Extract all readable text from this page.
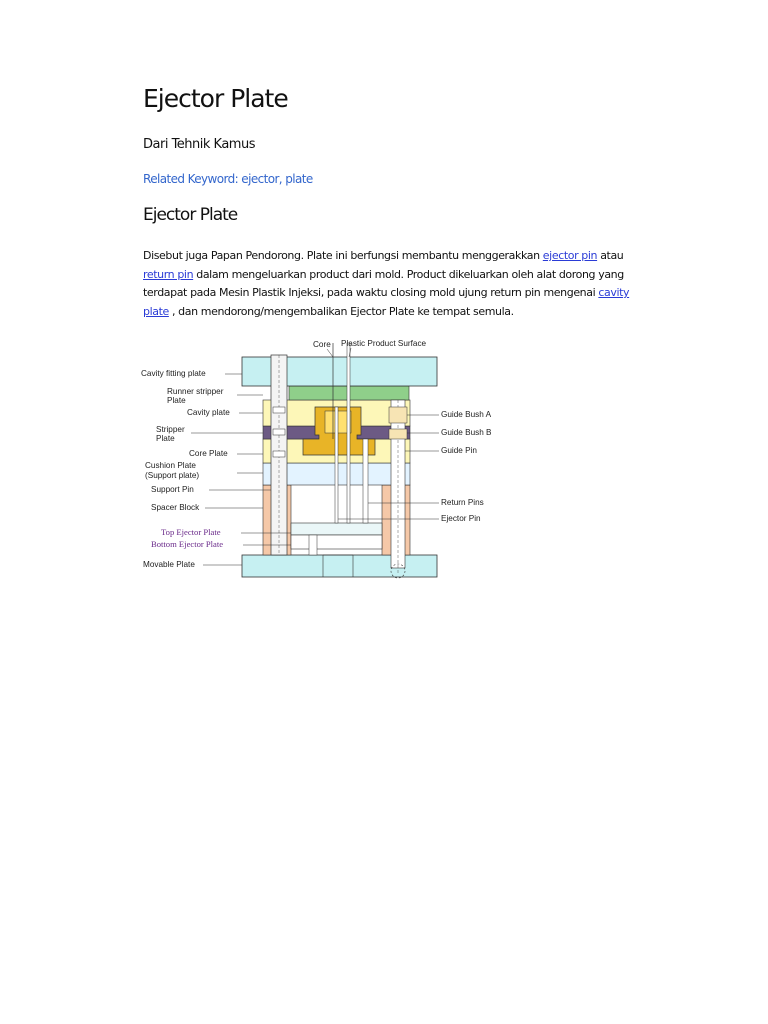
Ejector Plate

Dari Tehnik Kamus

Related Keyword: ejector, plate

Ejector Plate

Disebut juga Papan Pendorong. Plate ini berfungsi membantu menggerakkan ejector pin atau return pin dalam mengeluarkan product dari mold. Product dikeluarkan oleh alat dorong yang terdapat pada Mesin Plastik Injeksi, pada waktu closing mold ujung return pin mengenai cavity plate , dan mendorong/mengembalikan Ejector Plate ke tempat semula.

Core Plastic Product Surface
Cavity fitting plate
Runner stripper
Plate
Cavity plate
Stripper
Plate
Core Plate
Cushion Plate
(Support plate)
Support Pin
Spacer Block
Top Ejector Plate
Bottom Ejector Plate
Movable Plate
Guide Bush A
Guide Bush B
Guide Pin
Return Pins
Ejector Pin
